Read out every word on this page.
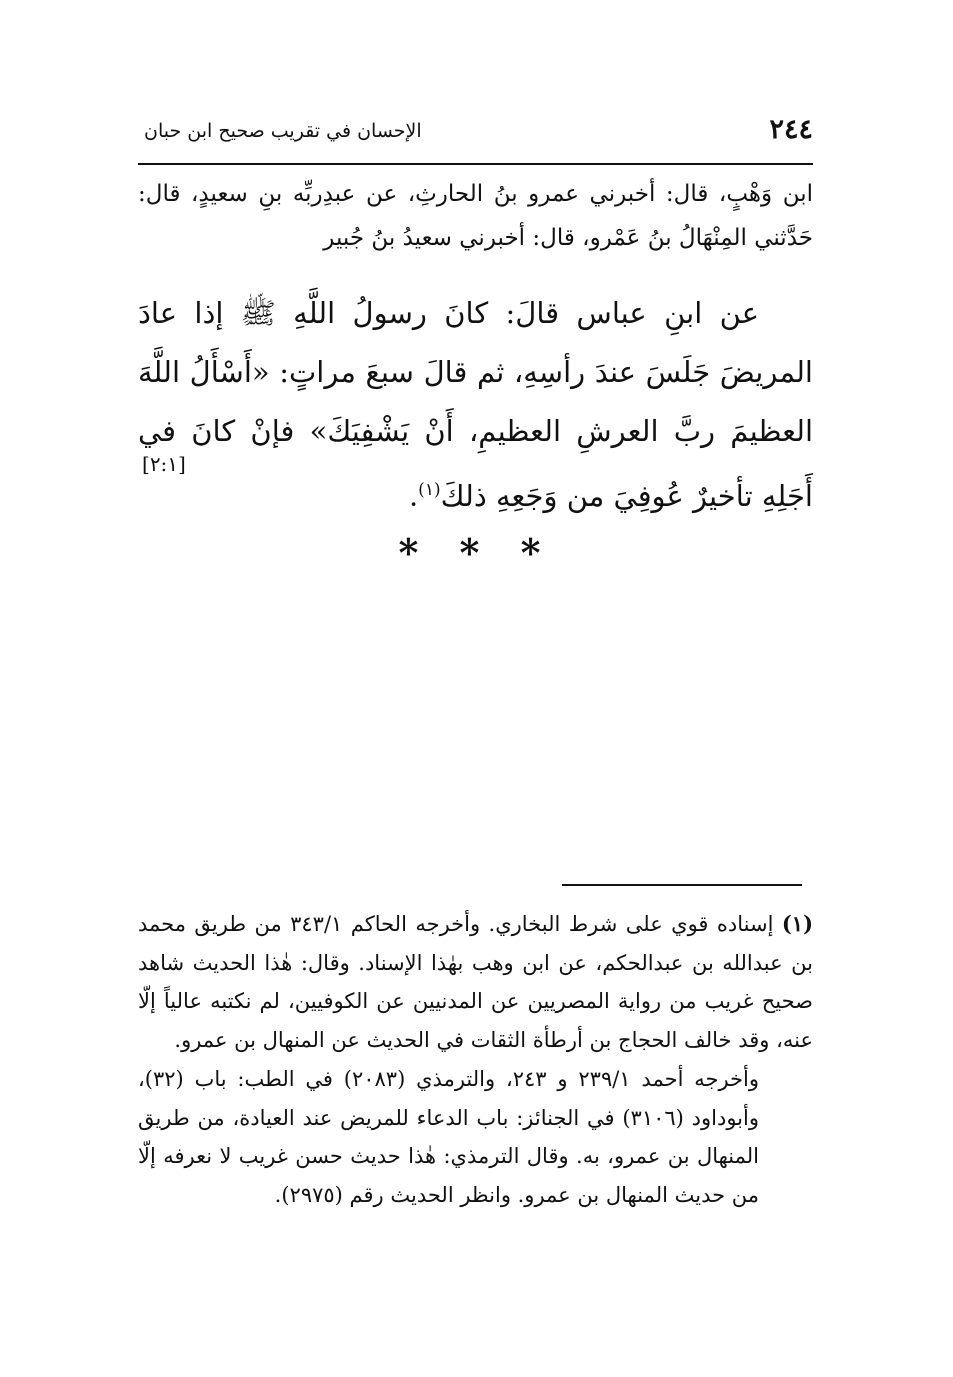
٢٤٤
الإحسان في تقريب صحيح ابن حبان

ابن وَهْبٍ، قال: أخبرني عمرو بنُ الحارثِ، عن عبدِربِّه بنِ سعيدٍ، قال: حَدَّثني المِنْهَالُ بنُ عَمْرو، قال: أخبرني سعيدُ بنُ جُبير

عن ابنِ عباس قالَ: كانَ رسولُ اللَّهِ ﷺ إذا عادَ المريضَ جَلَسَ عندَ رأسِهِ، ثم قالَ سبعَ مراتٍ: «أَسْأَلُ اللَّهَ العظيمَ ربَّ العرشِ العظيمِ، أَنْ يَشْفِيَكَ» فإنْ كانَ في أَجَلِهِ تأخيرٌ عُوفِيَ من وَجَعِهِ ذلكَ$^{(١)}$.

[٢:١]
* * *

(١) إسناده قوي على شرط البخاري. وأخرجه الحاكم ٣٤٣/١ من طريق محمد بن عبدالله بن عبدالحكم، عن ابن وهب بهٰذا الإسناد. وقال: هٰذا الحديث شاهد صحيح غريب من رواية المصريين عن المدنيين عن الكوفيين، لم نكتبه عالياً إلّا عنه، وقد خالف الحجاج بن أرطأة الثقات في الحديث عن المنهال بن عمرو.

وأخرجه أحمد ٢٣٩/١ و ٢٤٣، والترمذي (٢٠٨٣) في الطب: باب (٣٢)، وأبوداود (٣١٠٦) في الجنائز: باب الدعاء للمريض عند العيادة، من طريق المنهال بن عمرو، به. وقال الترمذي: هٰذا حديث حسن غريب لا نعرفه إلّا من حديث المنهال بن عمرو. وانظر الحديث رقم (٢٩٧٥).
